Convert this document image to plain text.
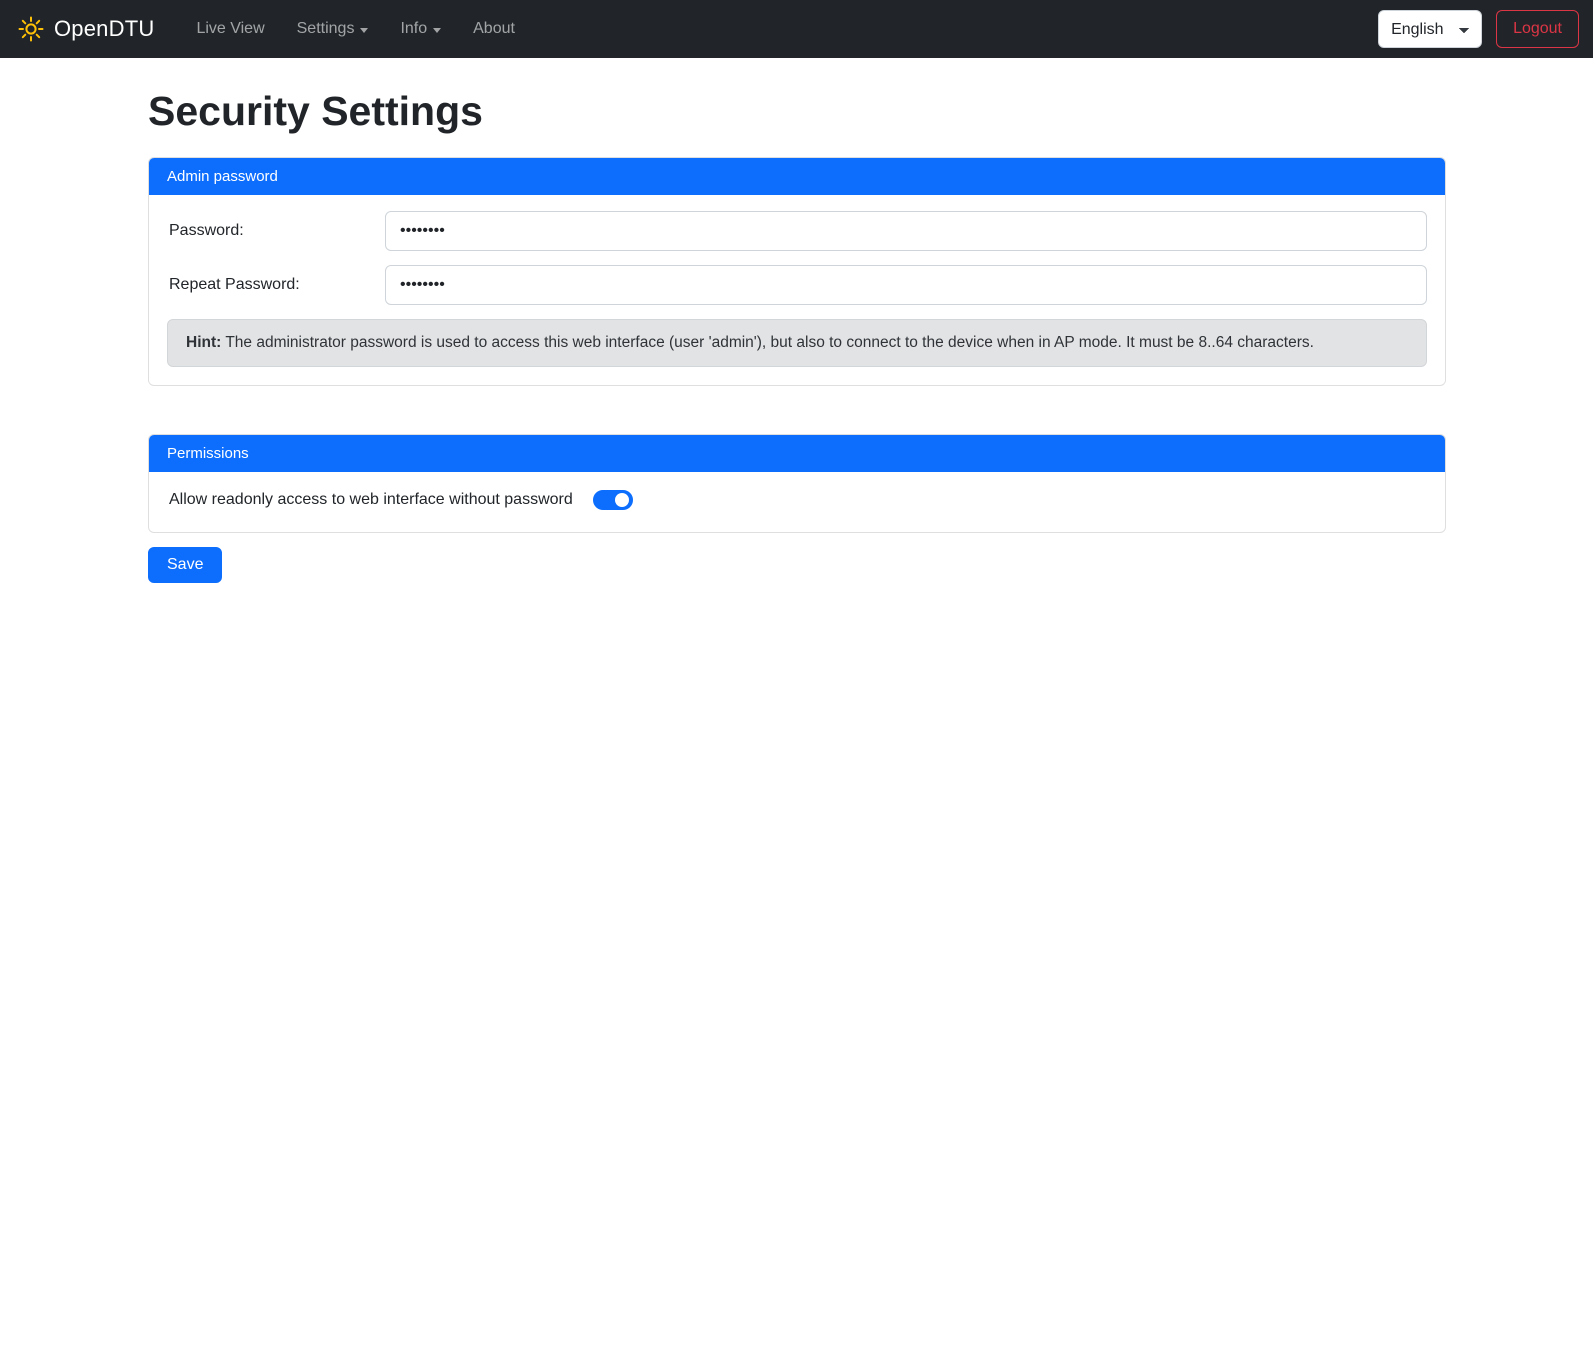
OpenDTU	Live View Settings	Info	About
English	Logout
Security Settings
Admin password
Password:
••••••••
Repeat Password:
••••••••
Hint: The administrator password is used to access this web interface (user 'admin'), but also to connect to the device when in AP mode. It must be 8..64 characters.
Permissions
Allow readonly access to web interface without password
Save
